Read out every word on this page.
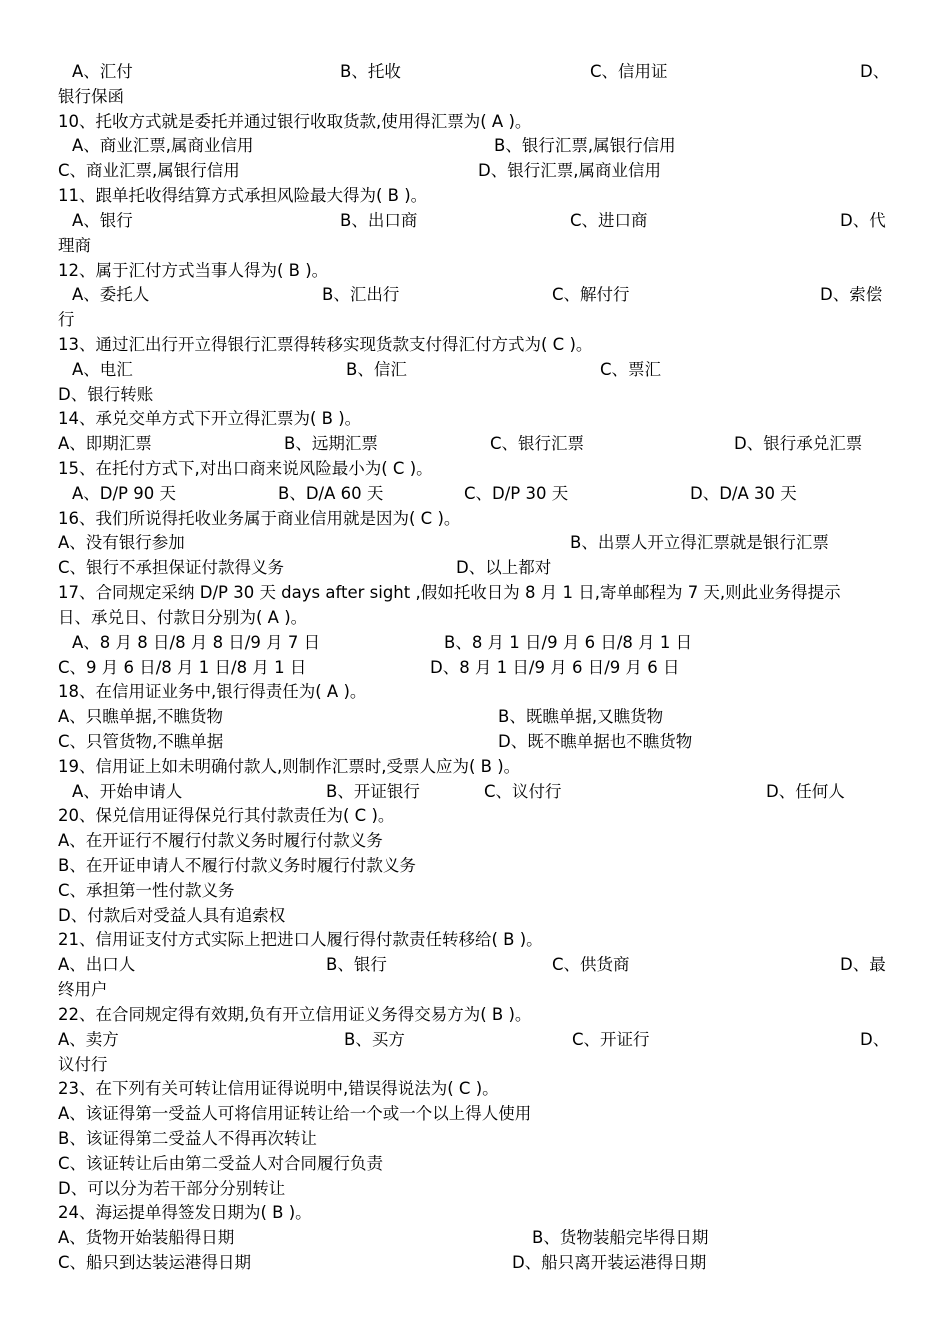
A、汇付	B、托收	C、信用证	D、
银行保函
10、托收方式就是委托并通过银行收取货款,使用得汇票为( A )。
A、商业汇票,属商业信用	B、银行汇票,属银行信用
C、商业汇票,属银行信用	D、银行汇票,属商业信用
11、跟单托收得结算方式承担风险最大得为( B )。
A、银行	B、出口商	C、进口商	D、代
理商
12、属于汇付方式当事人得为( B )。
A、委托人	B、汇出行	C、解付行	D、索偿
行
13、通过汇出行开立得银行汇票得转移实现货款支付得汇付方式为( C )。
A、电汇	B、信汇	C、票汇
D、银行转账
14、承兑交单方式下开立得汇票为( B )。
A、即期汇票	B、远期汇票	C、银行汇票	D、银行承兑汇票
15、在托付方式下,对出口商来说风险最小为( C )。
A、D/P 90 天	B、D/A 60 天	C、D/P 30 天	D、D/A 30 天
16、我们所说得托收业务属于商业信用就是因为( C )。
A、没有银行参加	B、出票人开立得汇票就是银行汇票
C、银行不承担保证付款得义务	D、以上都对
17、合同规定采纳 D/P 30 天 days after sight ,假如托收日为 8 月 1 日,寄单邮程为 7 天,则此业务得提示
日、承兑日、付款日分别为( A )。
A、8 月 8 日/8 月 8 日/9 月 7 日	B、8 月 1 日/9 月 6 日/8 月 1 日
C、9 月 6 日/8 月 1 日/8 月 1 日	D、8 月 1 日/9 月 6 日/9 月 6 日
18、在信用证业务中,银行得责任为( A )。
A、只瞧单据,不瞧货物	B、既瞧单据,又瞧货物
C、只管货物,不瞧单据	D、既不瞧单据也不瞧货物
19、信用证上如未明确付款人,则制作汇票时,受票人应为( B )。
A、开始申请人	B、开证银行	C、议付行	D、任何人
20、保兑信用证得保兑行其付款责任为( C )。
A、在开证行不履行付款义务时履行付款义务
B、在开证申请人不履行付款义务时履行付款义务
C、承担第一性付款义务
D、付款后对受益人具有追索权
21、信用证支付方式实际上把进口人履行得付款责任转移给( B )。
A、出口人	B、银行	C、供货商	D、最
终用户
22、在合同规定得有效期,负有开立信用证义务得交易方为( B )。
A、卖方	B、买方	C、开证行	D、
议付行
23、在下列有关可转让信用证得说明中,错误得说法为( C )。
A、该证得第一受益人可将信用证转让给一个或一个以上得人使用
B、该证得第二受益人不得再次转让
C、该证转让后由第二受益人对合同履行负责
D、可以分为若干部分分别转让
24、海运提单得签发日期为( B )。
A、货物开始装船得日期	B、货物装船完毕得日期
C、船只到达装运港得日期	D、船只离开装运港得日期
